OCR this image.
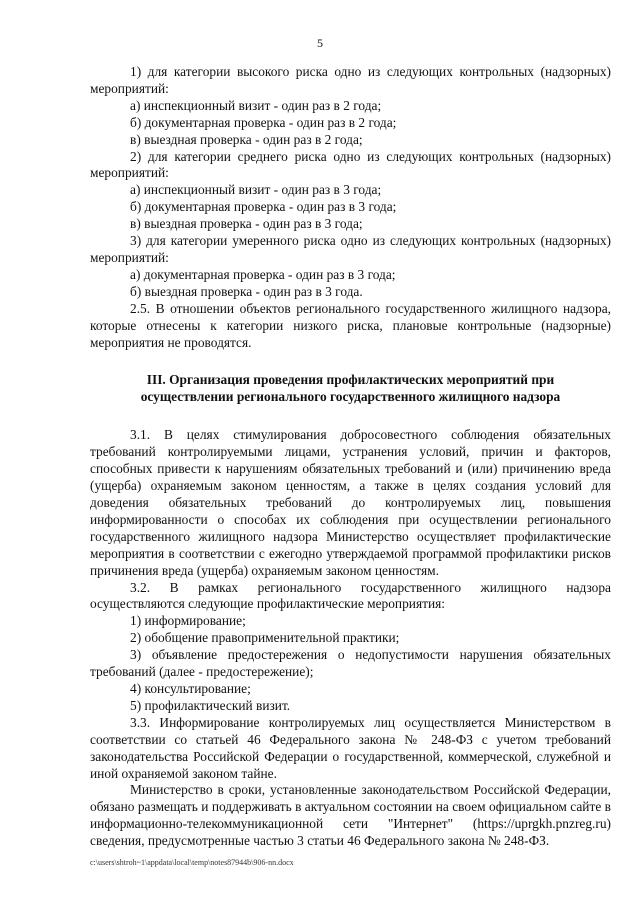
5

1) для категории высокого риска одно из следующих контрольных (надзорных) мероприятий:

а) инспекционный визит - один раз в 2 года;

б) документарная проверка - один раз в 2 года;

в) выездная проверка - один раз в 2 года;

2) для категории среднего риска одно из следующих контрольных (надзорных) мероприятий:

а) инспекционный визит - один раз в 3 года;

б) документарная проверка - один раз в 3 года;

в) выездная проверка - один раз в 3 года;

3) для категории умеренного риска одно из следующих контрольных (надзорных) мероприятий:

а) документарная проверка - один раз в 3 года;

б) выездная проверка - один раз в 3 года.

2.5. В отношении объектов регионального государственного жилищного надзора, которые отнесены к категории низкого риска, плановые контрольные (надзорные) мероприятия не проводятся.

III. Организация проведения профилактических мероприятий при
осуществлении регионального государственного жилищного надзора

3.1. В целях стимулирования добросовестного соблюдения обязательных требований контролируемыми лицами, устранения условий, причин и факторов, способных привести к нарушениям обязательных требований и (или) причинению вреда (ущерба) охраняемым законом ценностям, а также в целях создания условий для доведения обязательных требований до контролируемых лиц, повышения информированности о способах их соблюдения при осуществлении регионального государственного жилищного надзора Министерство осуществляет профилактические мероприятия в соответствии с ежегодно утверждаемой программой профилактики рисков причинения вреда (ущерба) охраняемым законом ценностям.

3.2. В рамках регионального государственного жилищного надзора осуществляются следующие профилактические мероприятия:

1) информирование;

2) обобщение правоприменительной практики;

3) объявление предостережения о недопустимости нарушения обязательных требований (далее - предостережение);

4) консультирование;

5) профилактический визит.

3.3. Информирование контролируемых лиц осуществляется Министерством в соответствии со статьей 46 Федерального закона № 248-ФЗ с учетом требований законодательства Российской Федерации о государственной, коммерческой, служебной и иной охраняемой законом тайне.

Министерство в сроки, установленные законодательством Российской Федерации, обязано размещать и поддерживать в актуальном состоянии на своем официальном сайте в информационно-телекоммуникационной сети "Интернет" (https://uprgkh.pnzreg.ru) сведения, предусмотренные частью 3 статьи 46 Федерального закона № 248-ФЗ.

c:\users\shtroh~1\appdata\local\temp\notes87944b\906-nn.docx
